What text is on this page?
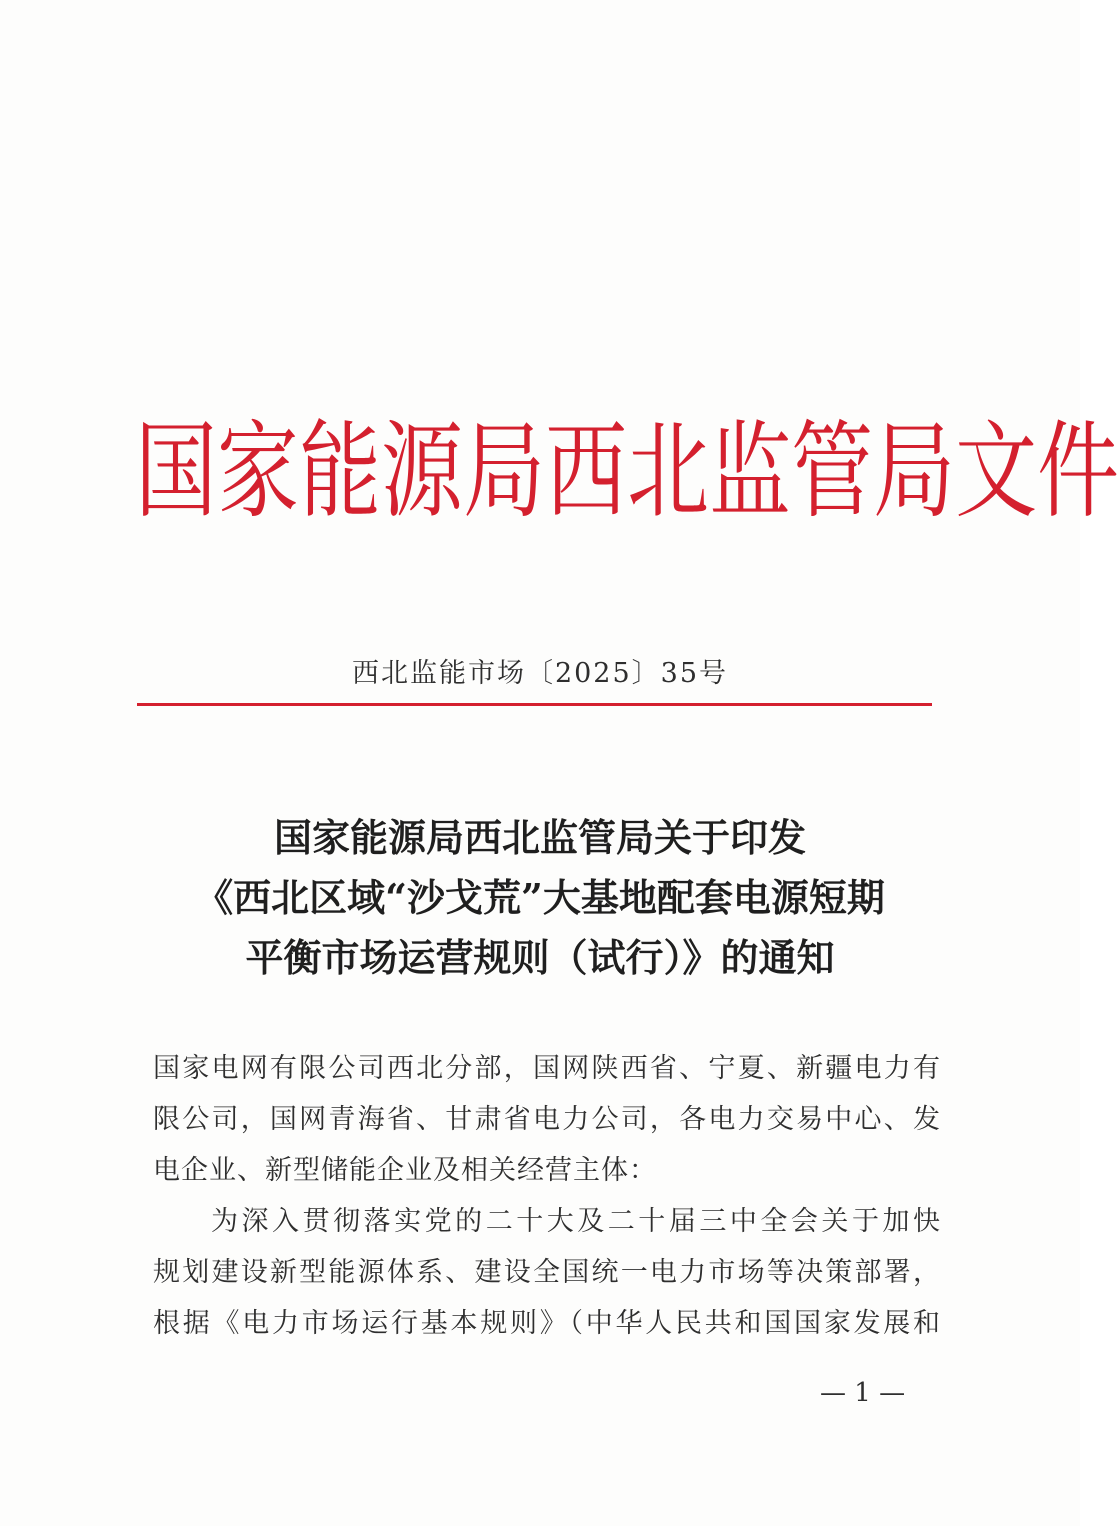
国 家 能 源 局 西 北 监 管 局 文 件
西北监能市场〔2025〕35号
国家能源局西北监管局关于印发
《西北区域“沙戈荒”大基地配套电源短期
平衡市场运营规则（试行）》的通知
国家电网有限公司西北分部，国网陕西省、宁夏、新疆电力有
限公司，国网青海省、甘肃省电力公司，各电力交易中心、发
电企业、新型储能企业及相关经营主体：
为深入贯彻落实党的二十大及二十届三中全会关于加快
规划建设新型能源体系、建设全国统一电力市场等决策部署，
根据《电力市场运行基本规则》（中华人民共和国国家发展和
— 1 —
